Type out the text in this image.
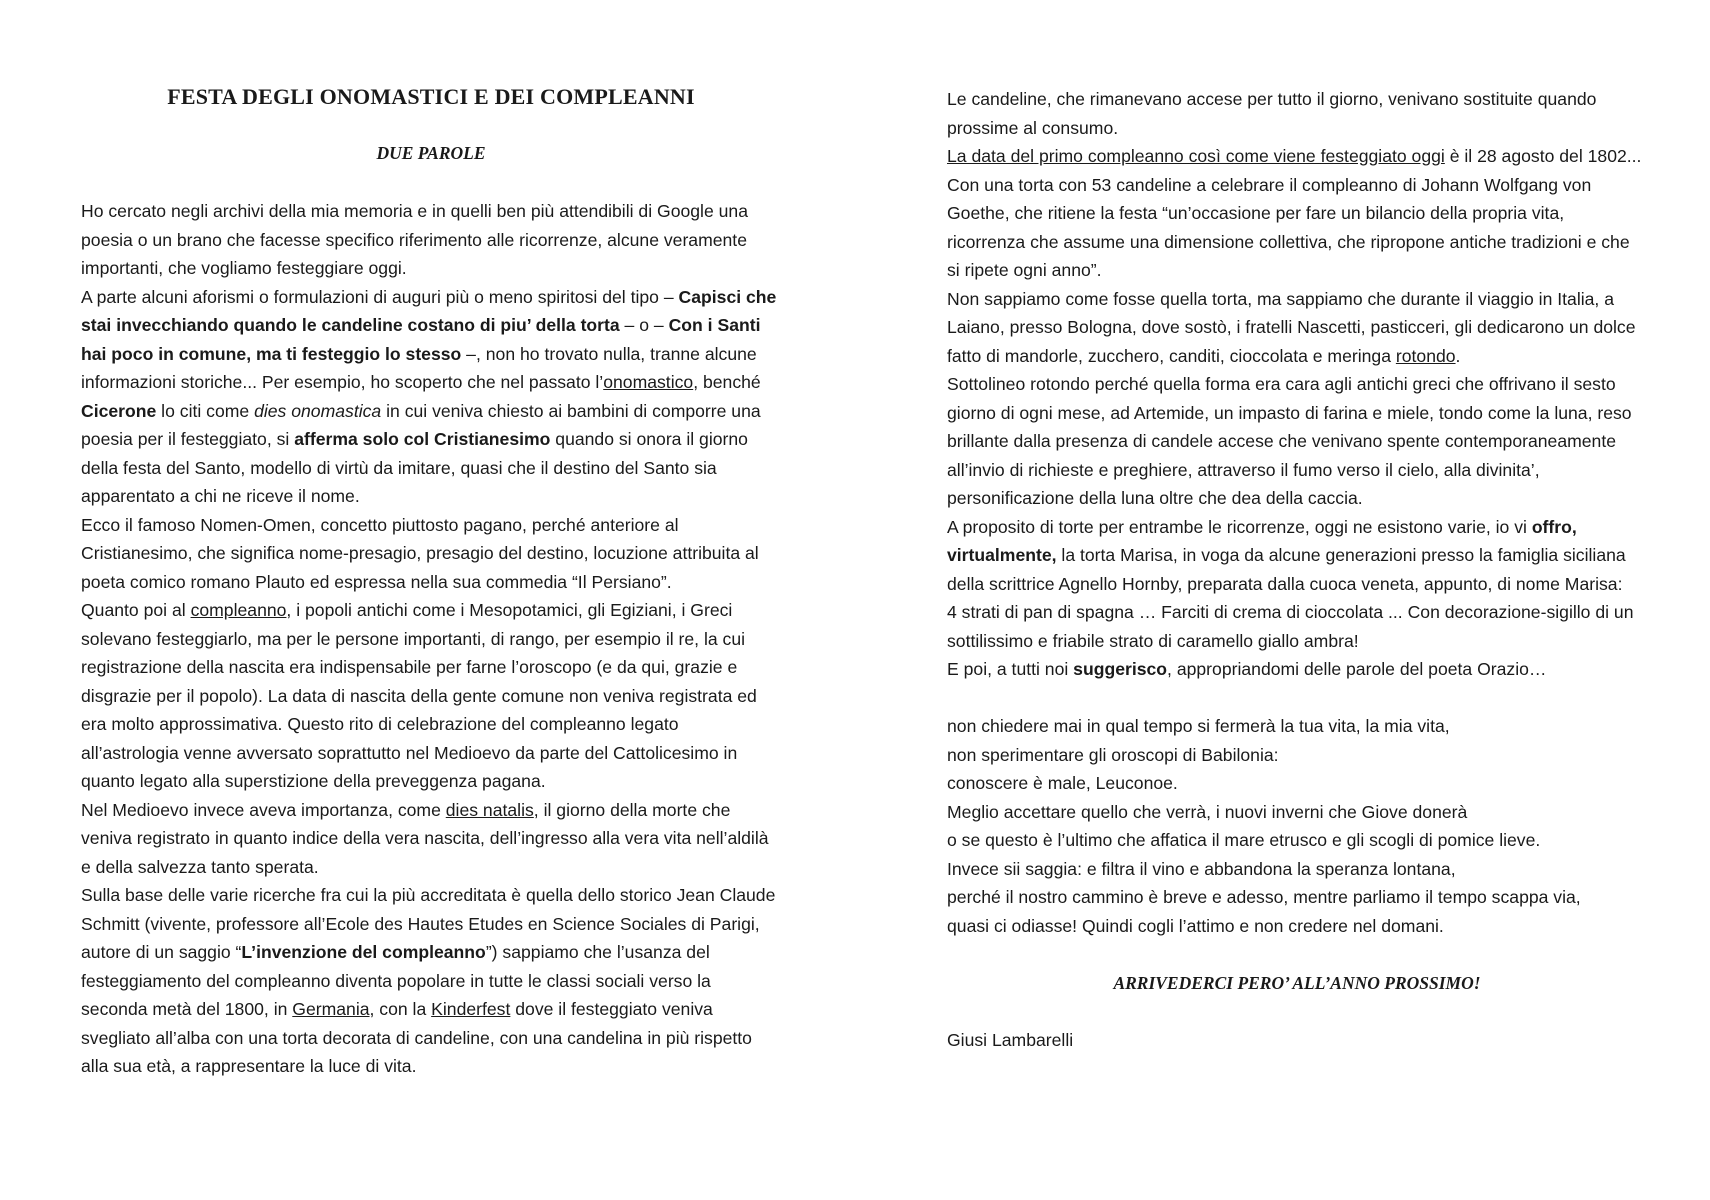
FESTA DEGLI ONOMASTICI E DEI COMPLEANNI
DUE PAROLE

Ho cercato negli archivi della mia memoria e in quelli ben più attendibili di Google una poesia o un brano che facesse specifico riferimento alle ricorrenze, alcune veramente importanti, che vogliamo festeggiare oggi.

A parte alcuni aforismi o formulazioni di auguri più o meno spiritosi del tipo – Capisci che stai invecchiando quando le candeline costano di piu’ della torta – o – Con i Santi hai poco in comune, ma ti festeggio lo stesso –, non ho trovato nulla, tranne alcune informazioni storiche... Per esempio, ho scoperto che nel passato l’onomastico, benché Cicerone lo citi come dies onomastica in cui veniva chiesto ai bambini di comporre una poesia per il festeggiato, si afferma solo col Cristianesimo quando si onora il giorno della festa del Santo, modello di virtù da imitare, quasi che il destino del Santo sia apparentato a chi ne riceve il nome.

Ecco il famoso Nomen-Omen, concetto piuttosto pagano, perché anteriore al Cristianesimo, che significa nome-presagio, presagio del destino, locuzione attribuita al poeta comico romano Plauto ed espressa nella sua commedia “Il Persiano”.

Quanto poi al compleanno, i popoli antichi come i Mesopotamici, gli Egiziani, i Greci solevano festeggiarlo, ma per le persone importanti, di rango, per esempio il re, la cui registrazione della nascita era indispensabile per farne l’oroscopo (e da qui, grazie e disgrazie per il popolo). La data di nascita della gente comune non veniva registrata ed era molto approssimativa. Questo rito di celebrazione del compleanno legato all’astrologia venne avversato soprattutto nel Medioevo da parte del Cattolicesimo in quanto legato alla superstizione della preveggenza pagana.

Nel Medioevo invece aveva importanza, come dies natalis, il giorno della morte che veniva registrato in quanto indice della vera nascita, dell’ingresso alla vera vita nell’aldilà e della salvezza tanto sperata.

Sulla base delle varie ricerche fra cui la più accreditata è quella dello storico Jean Claude Schmitt (vivente, professore all’Ecole des Hautes Etudes en Science Sociales di Parigi, autore di un saggio “L’invenzione del compleanno”) sappiamo che l’usanza del festeggiamento del compleanno diventa popolare in tutte le classi sociali verso la seconda metà del 1800, in Germania, con la Kinderfest dove il festeggiato veniva svegliato all’alba con una torta decorata di candeline, con una candelina in più rispetto alla sua età, a rappresentare la luce di vita.

Le candeline, che rimanevano accese per tutto il giorno, venivano sostituite quando prossime al consumo.

La data del primo compleanno così come viene festeggiato oggi è il 28 agosto del 1802... Con una torta con 53 candeline a celebrare il compleanno di Johann Wolfgang von Goethe, che ritiene la festa “un’occasione per fare un bilancio della propria vita, ricorrenza che assume una dimensione collettiva, che ripropone antiche tradizioni e che si ripete ogni anno”.

Non sappiamo come fosse quella torta, ma sappiamo che durante il viaggio in Italia, a Laiano, presso Bologna, dove sostò, i fratelli Nascetti, pasticceri, gli dedicarono un dolce fatto di mandorle, zucchero, canditi, cioccolata e meringa rotondo.

Sottolineo rotondo perché quella forma era cara agli antichi greci che offrivano il sesto giorno di ogni mese, ad Artemide, un impasto di farina e miele, tondo come la luna, reso brillante dalla presenza di candele accese che venivano spente contemporaneamente all’invio di richieste e preghiere, attraverso il fumo verso il cielo, alla divinita’, personificazione della luna oltre che dea della caccia.

A proposito di torte per entrambe le ricorrenze, oggi ne esistono varie, io vi offro, virtualmente, la torta Marisa, in voga da alcune generazioni presso la famiglia siciliana della scrittrice Agnello Hornby, preparata dalla cuoca veneta, appunto, di nome Marisa:

4 strati di pan di spagna … Farciti di crema di cioccolata ... Con decorazione-sigillo di un sottilissimo e friabile strato di caramello giallo ambra!

E poi, a tutti noi suggerisco, appropriandomi delle parole del poeta Orazio…

non chiedere mai in qual tempo si fermerà la tua vita, la mia vita,
non sperimentare gli oroscopi di Babilonia:
conoscere è male, Leuconoe.
Meglio accettare quello che verrà, i nuovi inverni che Giove donerà
o se questo è l’ultimo che affatica il mare etrusco e gli scogli di pomice lieve.
Invece sii saggia: e filtra il vino e abbandona la speranza lontana,
perché il nostro cammino è breve e adesso, mentre parliamo il tempo scappa via,
quasi ci odiasse! Quindi cogli l’attimo e non credere nel domani.

ARRIVEDERCI PERO’ ALL’ANNO PROSSIMO!

Giusi Lambarelli
